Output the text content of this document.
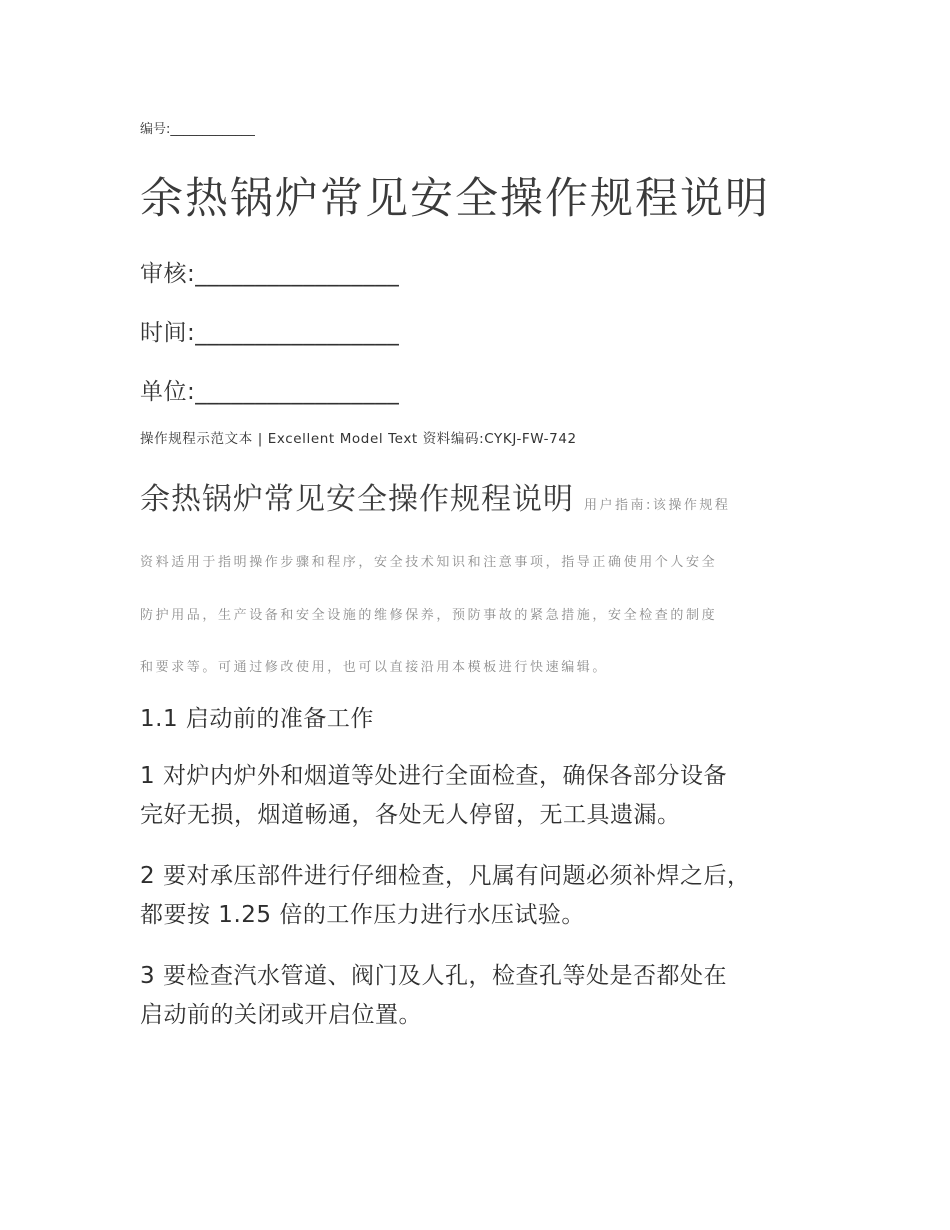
编号:_____________
余热锅炉常见安全操作规程说明
审核:_________________
时间:_________________
单位:_________________
操作规程示范文本 | Excellent Model Text 资料编码:CYKJ-FW-742
余热锅炉常见安全操作规程说明 用户指南:该操作规程
资料适用于指明操作步骤和程序，安全技术知识和注意事项，指导正确使用个人安全
防护用品，生产设备和安全设施的维修保养，预防事故的紧急措施，安全检查的制度
和要求等。可通过修改使用，也可以直接沿用本模板进行快速编辑。
1.1 启动前的准备工作
1 对炉内炉外和烟道等处进行全面检查，确保各部分设备
完好无损，烟道畅通，各处无人停留，无工具遗漏。
2 要对承压部件进行仔细检查，凡属有问题必须补焊之后，
都要按 1.25 倍的工作压力进行水压试验。
3 要检查汽水管道、阀门及人孔，检查孔等处是否都处在
启动前的关闭或开启位置。
